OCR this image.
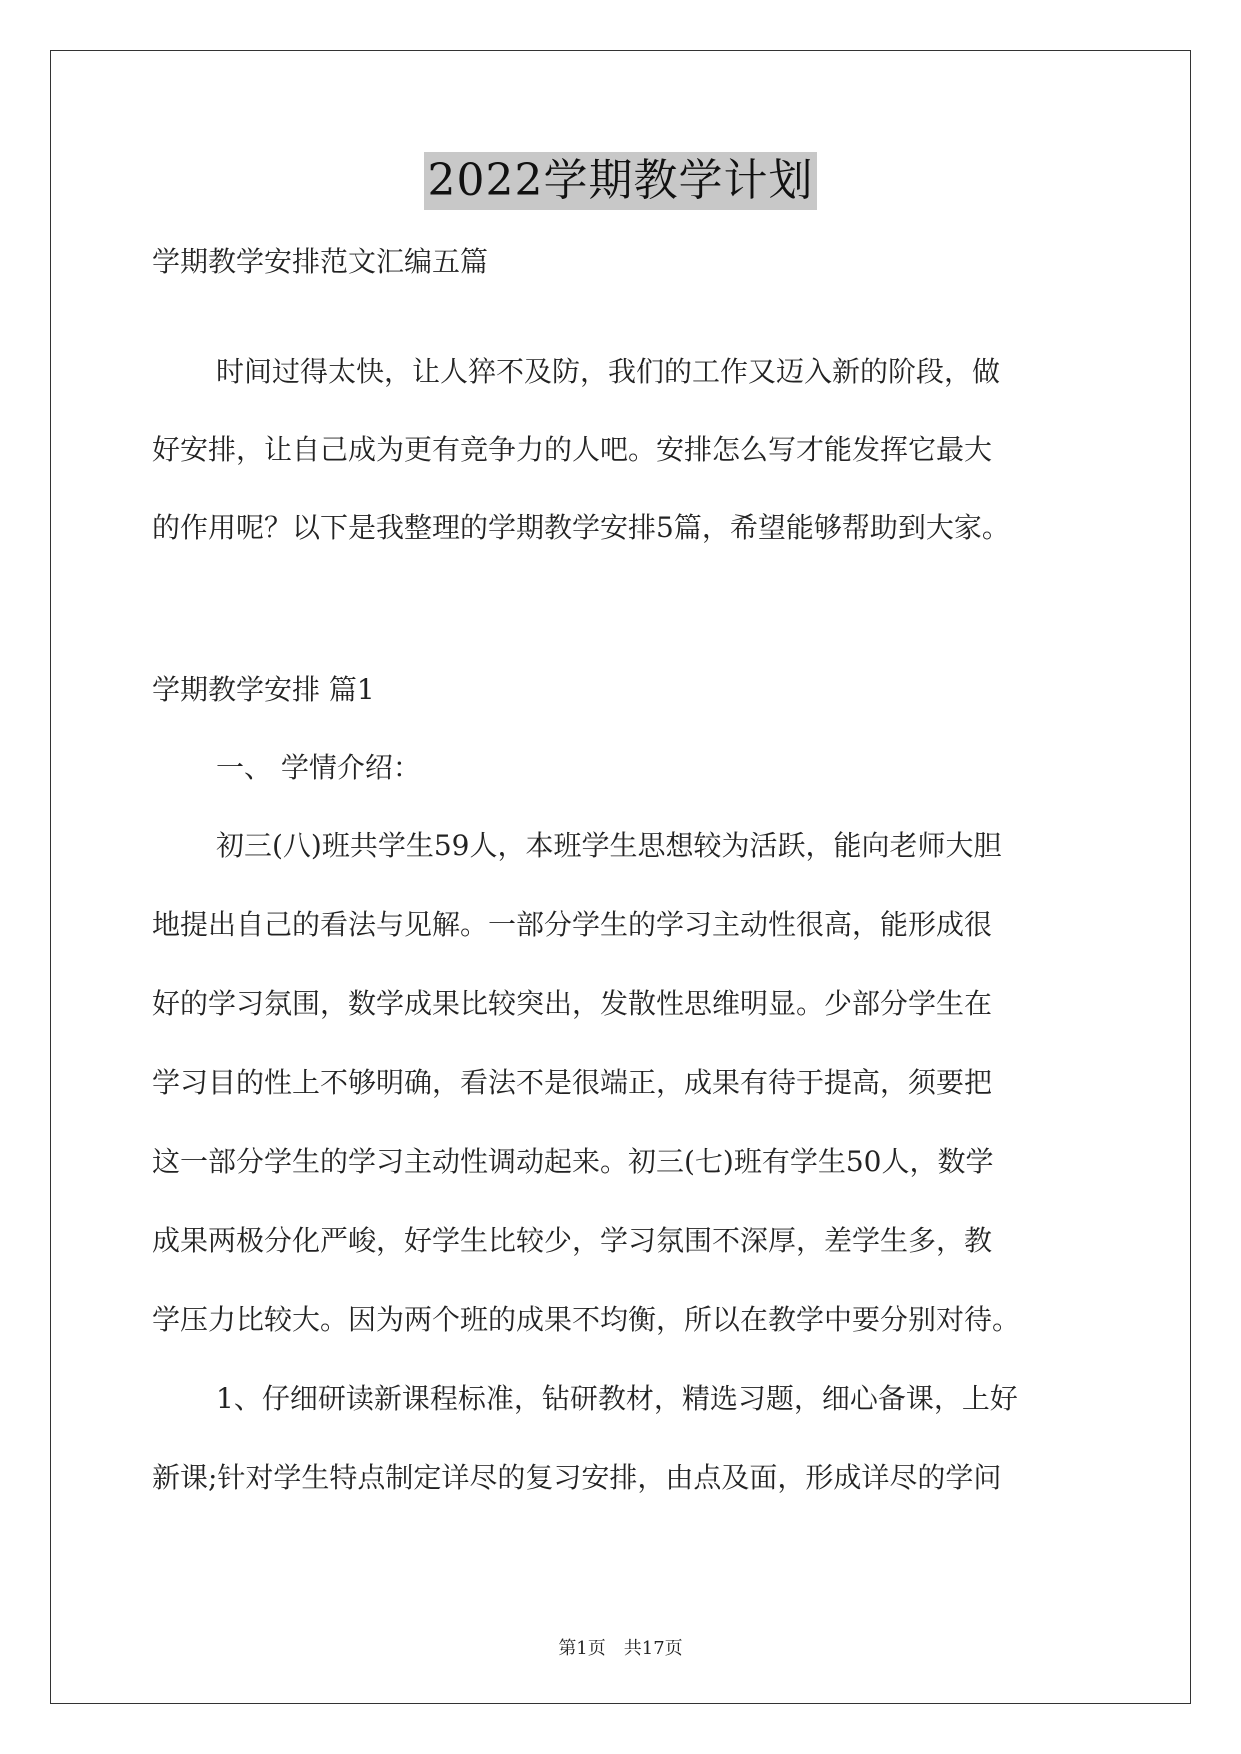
2022学期教学计划
学期教学安排范文汇编五篇
时间过得太快，让人猝不及防，我们的工作又迈入新的阶段，做
好安排，让自己成为更有竞争力的人吧。安排怎么写才能发挥它最大
的作用呢？以下是我整理的学期教学安排5篇，希望能够帮助到大家。
学期教学安排 篇1
一、 学情介绍：
初三(八)班共学生59人，本班学生思想较为活跃，能向老师大胆
地提出自己的看法与见解。一部分学生的学习主动性很高，能形成很
好的学习氛围，数学成果比较突出，发散性思维明显。少部分学生在
学习目的性上不够明确，看法不是很端正，成果有待于提高，须要把
这一部分学生的学习主动性调动起来。初三(七)班有学生50人，数学
成果两极分化严峻，好学生比较少，学习氛围不深厚，差学生多，教
学压力比较大。因为两个班的成果不均衡，所以在教学中要分别对待。
1、仔细研读新课程标准，钻研教材，精选习题，细心备课，上好
新课;针对学生特点制定详尽的复习安排，由点及面，形成详尽的学问
第1页　共17页
